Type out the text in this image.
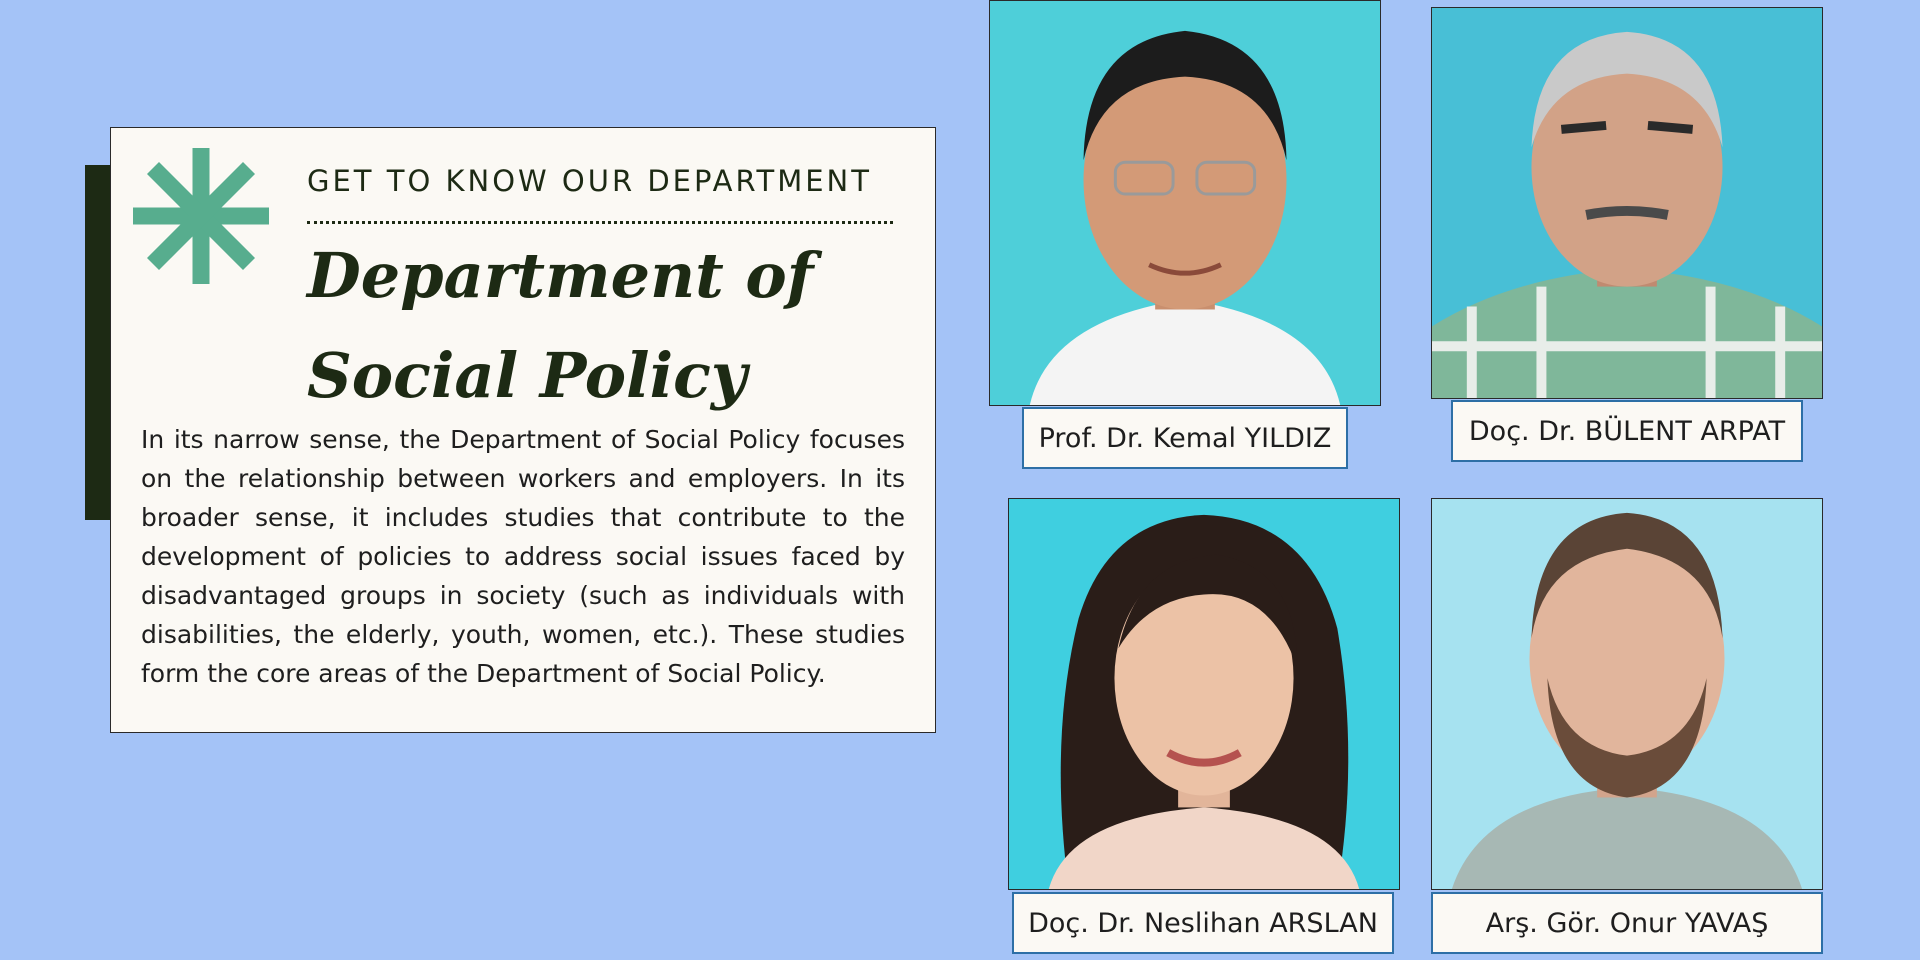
GET TO KNOW OUR DEPARTMENT
Department of
Social Policy
In its narrow sense, the Department of Social Policy focuses on the relationship between workers and employers. In its broader sense, it includes studies that contribute to the development of policies to address social issues faced by disadvantaged groups in society (such as individuals with disabilities, the elderly, youth, women, etc.). These studies form the core areas of the Department of Social Policy.
Prof. Dr. Kemal YILDIZ	Doç. Dr. BÜLENT ARPAT
Doç. Dr. Neslihan ARSLAN	Arş. Gör. Onur YAVAŞ
